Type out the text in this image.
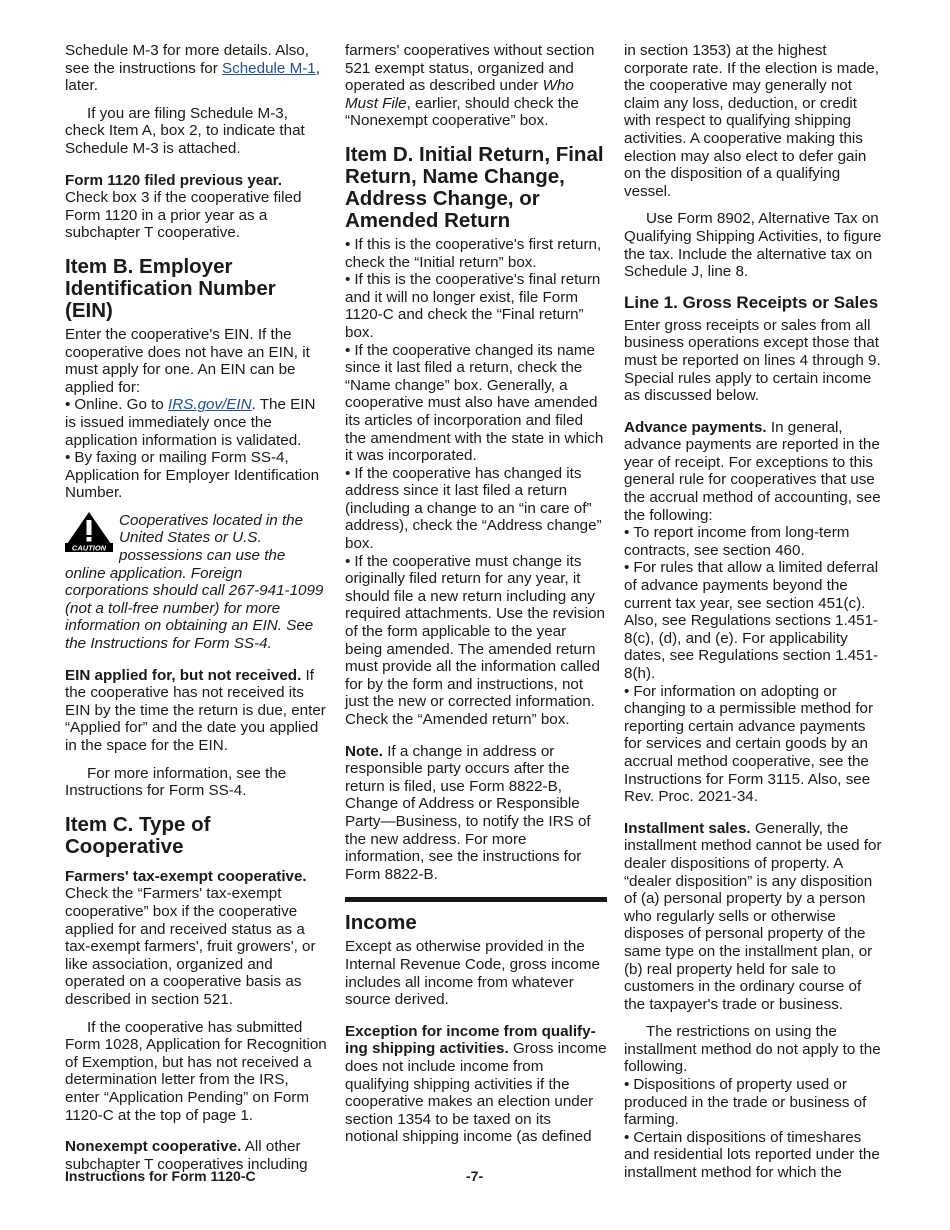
Schedule M-3 for more details. Also, see the instructions for Schedule M-1, later.

If you are filing Schedule M-3, check Item A, box 2, to indicate that Schedule M-3 is attached.

Form 1120 filed previous year. Check box 3 if the cooperative filed Form 1120 in a prior year as a subchapter T cooperative.

Item B. Employer Identification Number (EIN)

Enter the cooperative's EIN. If the cooperative does not have an EIN, it must apply for one. An EIN can be applied for:

• Online. Go to IRS.gov/EIN. The EIN is issued immediately once the application information is validated.

• By faxing or mailing Form SS-4, Application for Employer Identification Number.

CAUTION
Cooperatives located in the United States or U.S. possessions can use the online application. Foreign corporations should call 267-941-1099 (not a toll-free number) for more information on obtaining an EIN. See the Instructions for Form SS-4.

EIN applied for, but not received. If the cooperative has not received its EIN by the time the return is due, enter “Applied for” and the date you applied in the space for the EIN.

For more information, see the Instructions for Form SS-4.

Item C. Type of Cooperative

Farmers' tax-exempt cooperative. Check the “Farmers' tax-exempt cooperative” box if the cooperative applied for and received status as a tax-exempt farmers', fruit growers', or like association, organized and operated on a cooperative basis as described in section 521.

If the cooperative has submitted Form 1028, Application for Recognition of Exemption, but has not received a determination letter from the IRS, enter “Application Pending” on Form 1120-C at the top of page 1.

Nonexempt cooperative. All other subchapter T cooperatives including

farmers' cooperatives without section 521 exempt status, organized and operated as described under Who Must File, earlier, should check the “Nonexempt cooperative” box.

Item D. Initial Return, Final Return, Name Change, Address Change, or Amended Return

• If this is the cooperative's first return, check the “Initial return” box.

• If this is the cooperative's final return and it will no longer exist, file Form 1120-C and check the “Final return” box.

• If the cooperative changed its name since it last filed a return, check the “Name change” box. Generally, a cooperative must also have amended its articles of incorporation and filed the amendment with the state in which it was incorporated.

• If the cooperative has changed its address since it last filed a return (including a change to an “in care of” address), check the “Address change” box.

• If the cooperative must change its originally filed return for any year, it should file a new return including any required attachments. Use the revision of the form applicable to the year being amended. The amended return must provide all the information called for by the form and instructions, not just the new or corrected information. Check the “Amended return” box.

Note. If a change in address or responsible party occurs after the return is filed, use Form 8822-B, Change of Address or Responsible Party—Business, to notify the IRS of the new address. For more information, see the instructions for Form 8822-B.

Income

Except as otherwise provided in the Internal Revenue Code, gross income includes all income from whatever source derived.

Exception for income from qualify-ing shipping activities. Gross income does not include income from qualifying shipping activities if the cooperative makes an election under section 1354 to be taxed on its notional shipping income (as defined

in section 1353) at the highest corporate rate. If the election is made, the cooperative may generally not claim any loss, deduction, or credit with respect to qualifying shipping activities. A cooperative making this election may also elect to defer gain on the disposition of a qualifying vessel.

Use Form 8902, Alternative Tax on Qualifying Shipping Activities, to figure the tax. Include the alternative tax on Schedule J, line 8.

Line 1. Gross Receipts or Sales

Enter gross receipts or sales from all business operations except those that must be reported on lines 4 through 9. Special rules apply to certain income as discussed below.

Advance payments. In general, advance payments are reported in the year of receipt. For exceptions to this general rule for cooperatives that use the accrual method of accounting, see the following:

• To report income from long-term contracts, see section 460.

• For rules that allow a limited deferral of advance payments beyond the current tax year, see section 451(c). Also, see Regulations sections 1.451-8(c), (d), and (e). For applicability dates, see Regulations section 1.451-8(h).

• For information on adopting or changing to a permissible method for reporting certain advance payments for services and certain goods by an accrual method cooperative, see the Instructions for Form 3115. Also, see Rev. Proc. 2021-34.

Installment sales. Generally, the installment method cannot be used for dealer dispositions of property. A “dealer disposition” is any disposition of (a) personal property by a person who regularly sells or otherwise disposes of personal property of the same type on the installment plan, or (b) real property held for sale to customers in the ordinary course of the taxpayer's trade or business.

The restrictions on using the installment method do not apply to the following.

• Dispositions of property used or produced in the trade or business of farming.

• Certain dispositions of timeshares and residential lots reported under the installment method for which the

Instructions for Form 1120-C	-7-
